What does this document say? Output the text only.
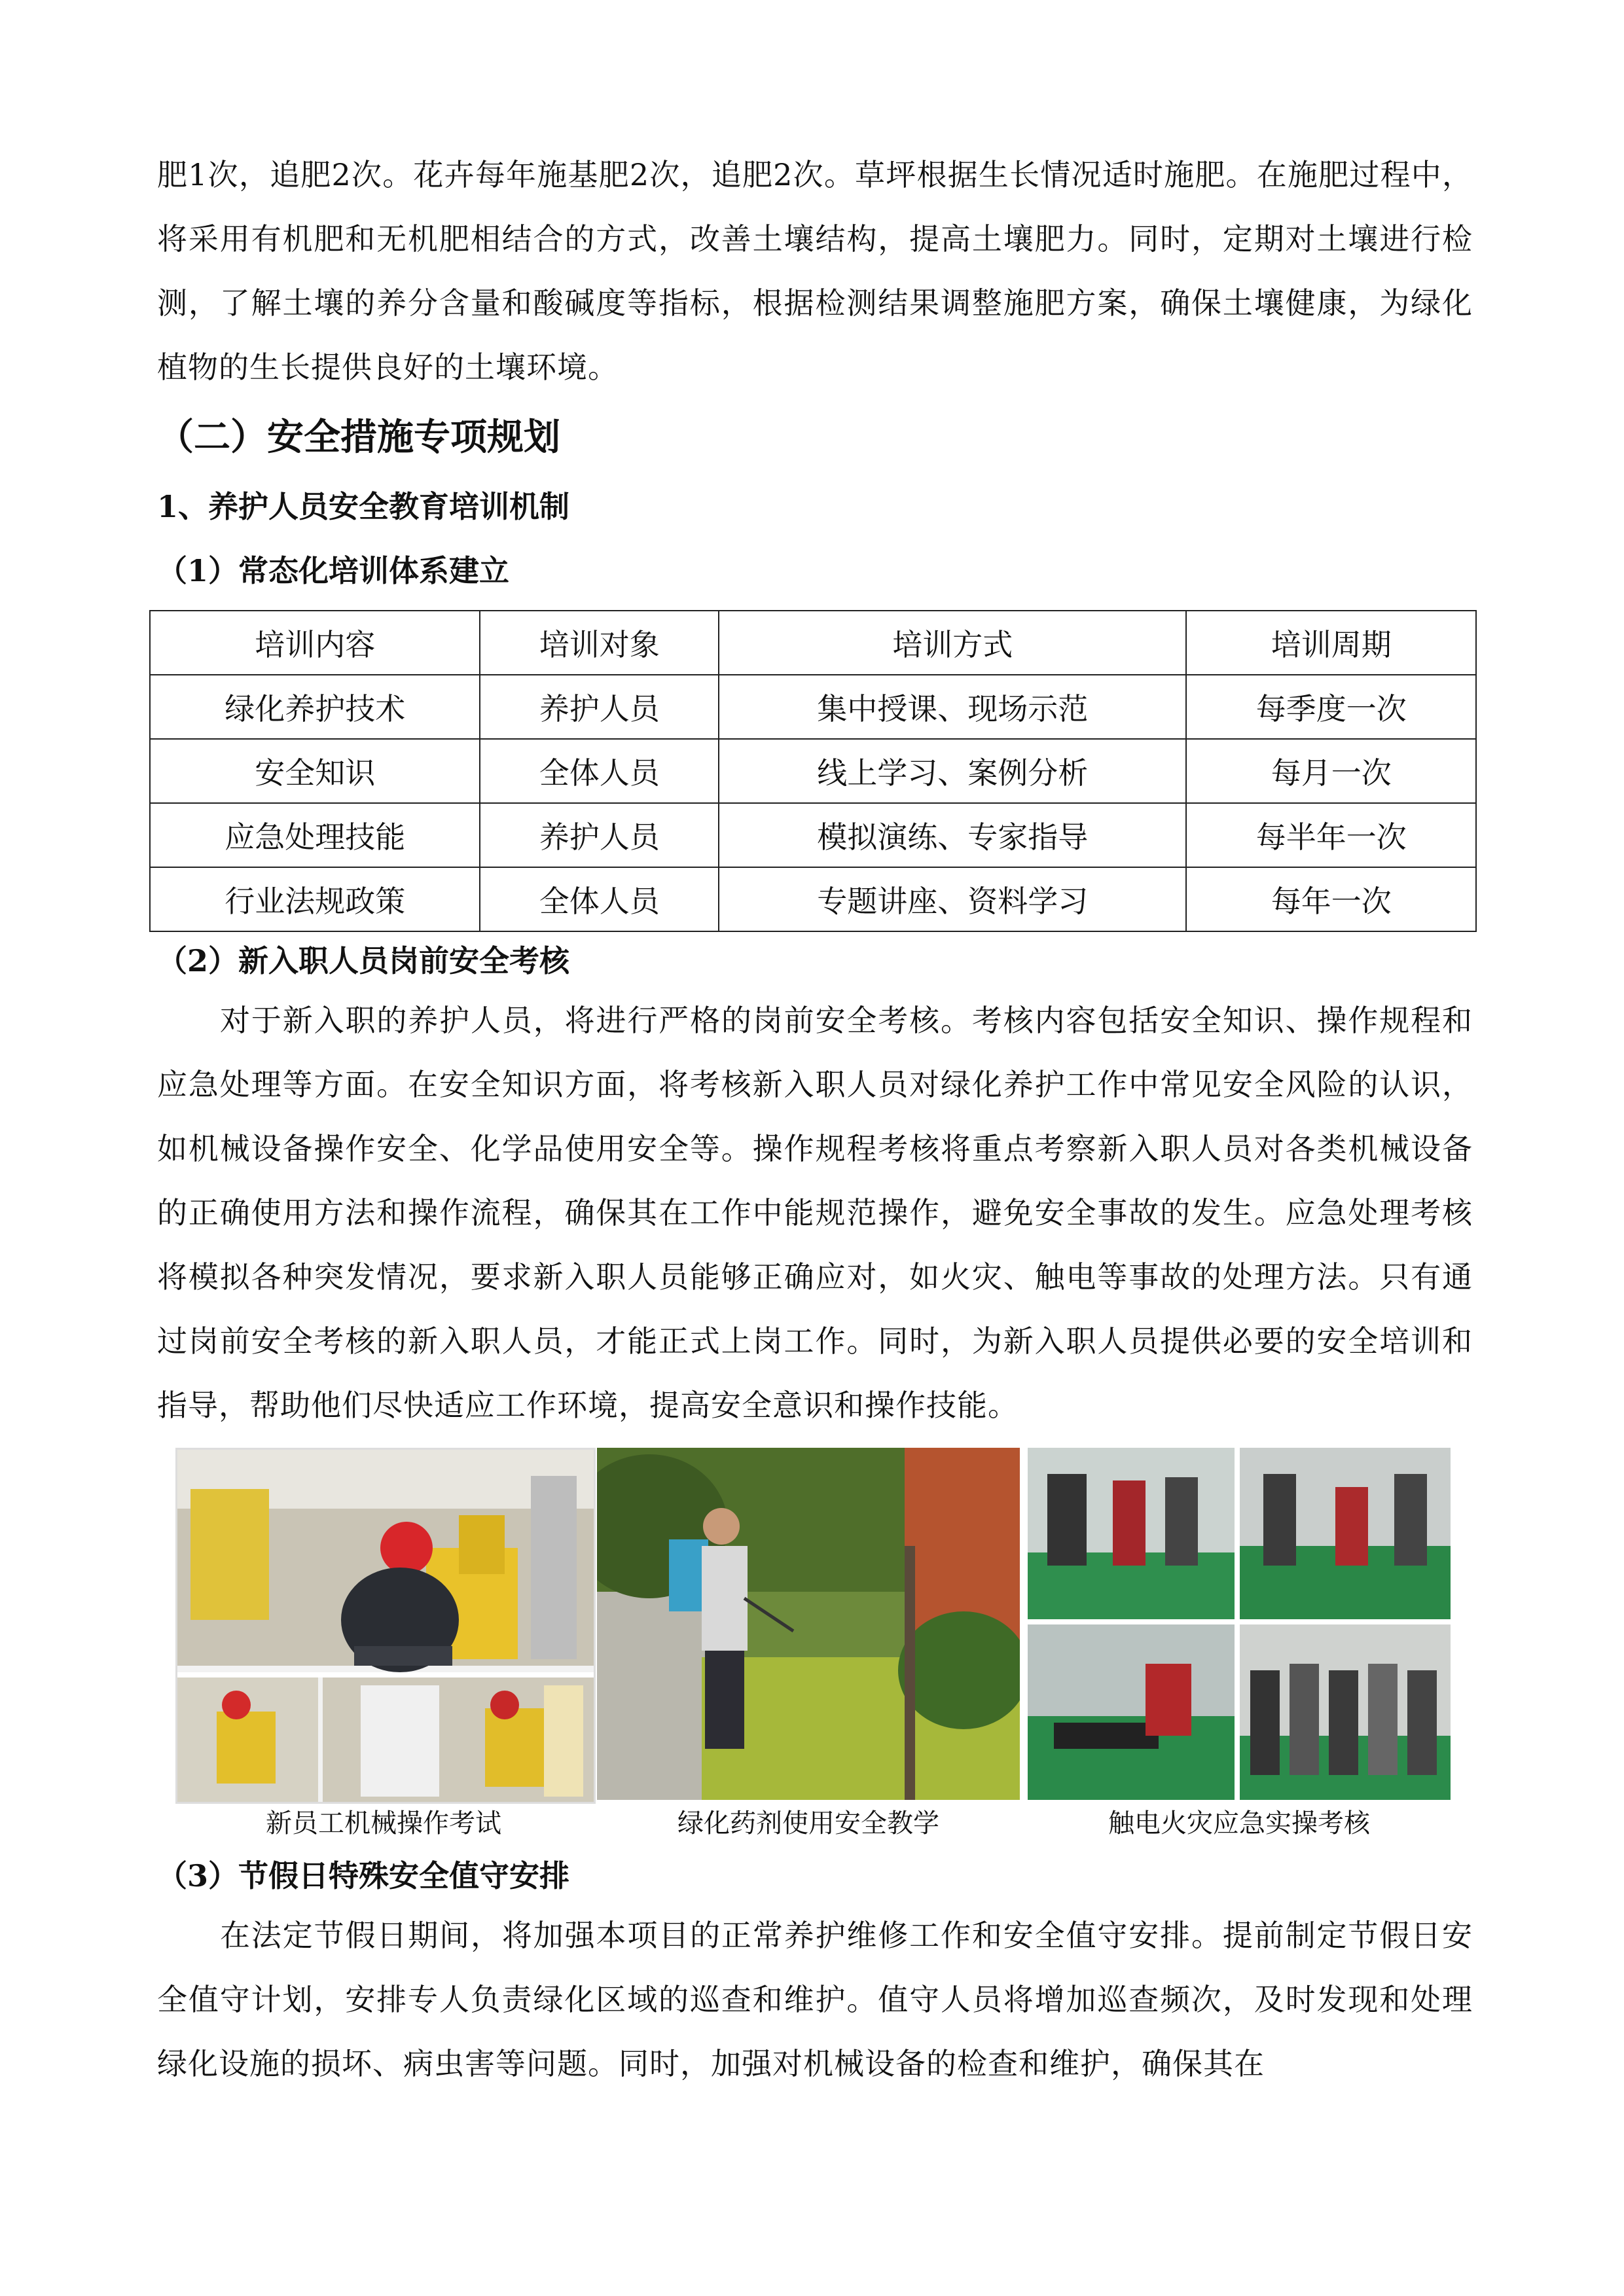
肥1次，追肥2次。花卉每年施基肥2次，追肥2次。草坪根据生长情况适时施肥。在施肥过程中，将采用有机肥和无机肥相结合的方式，改善土壤结构，提高土壤肥力。同时，定期对土壤进行检测，了解土壤的养分含量和酸碱度等指标，根据检测结果调整施肥方案，确保土壤健康，为绿化植物的生长提供良好的土壤环境。
（二）安全措施专项规划
1、养护人员安全教育培训机制
（1）常态化培训体系建立
培训内容	培训对象	培训方式	培训周期
绿化养护技术	养护人员	集中授课、现场示范	每季度一次
安全知识	全体人员	线上学习、案例分析	每月一次
应急处理技能	养护人员	模拟演练、专家指导	每半年一次
行业法规政策	全体人员	专题讲座、资料学习	每年一次
（2）新入职人员岗前安全考核
对于新入职的养护人员，将进行严格的岗前安全考核。考核内容包括安全知识、操作规程和应急处理等方面。在安全知识方面，将考核新入职人员对绿化养护工作中常见安全风险的认识，如机械设备操作安全、化学品使用安全等。操作规程考核将重点考察新入职人员对各类机械设备的正确使用方法和操作流程，确保其在工作中能规范操作，避免安全事故的发生。应急处理考核将模拟各种突发情况，要求新入职人员能够正确应对，如火灾、触电等事故的处理方法。只有通过岗前安全考核的新入职人员，才能正式上岗工作。同时，为新入职人员提供必要的安全培训和指导，帮助他们尽快适应工作环境，提高安全意识和操作技能。
新员工机械操作考试	绿化药剂使用安全教学	触电火灾应急实操考核
（3）节假日特殊安全值守安排
在法定节假日期间，将加强本项目的正常养护维修工作和安全值守安排。提前制定节假日安全值守计划，安排专人负责绿化区域的巡查和维护。值守人员将增加巡查频次，及时发现和处理绿化设施的损坏、病虫害等问题。同时，加强对机械设备的检查和维护，确保其在
